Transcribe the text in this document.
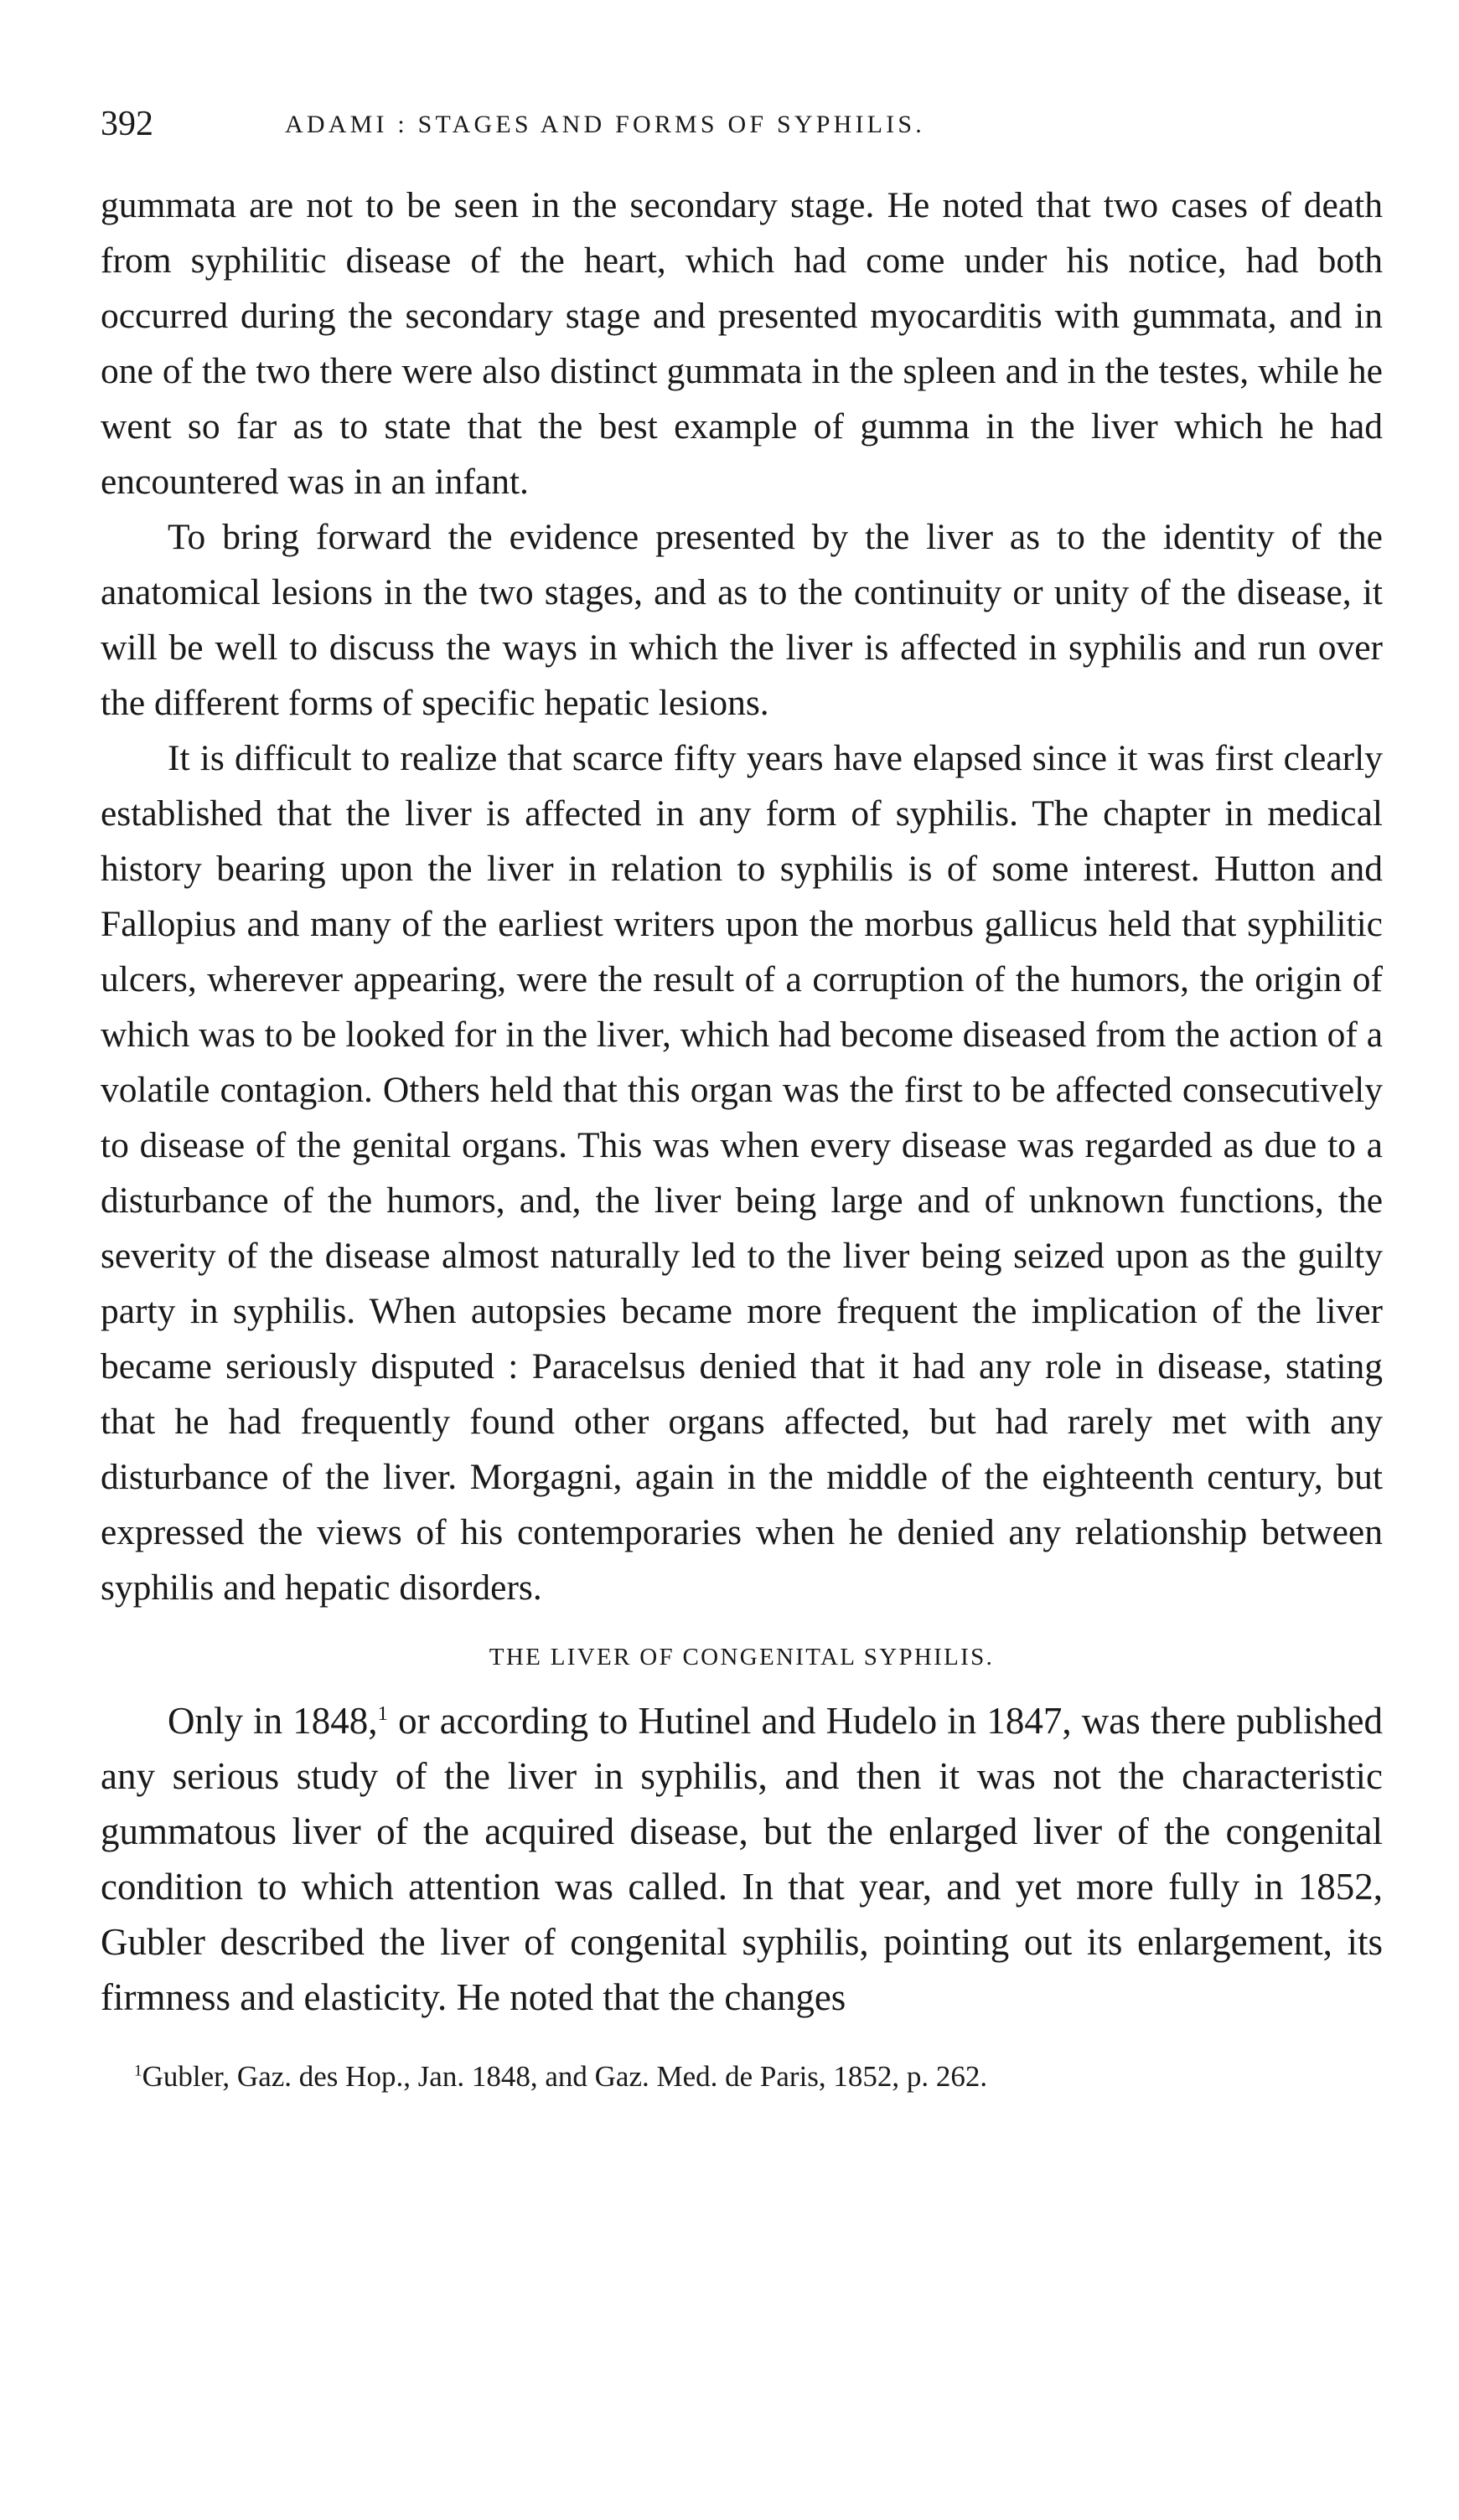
392	ADAMI : STAGES AND FORMS OF SYPHILIS.

gummata are not to be seen in the secondary stage. He noted that two cases of death from syphilitic disease of the heart, which had come under his notice, had both occurred during the secondary stage and presented myocarditis with gummata, and in one of the two there were also distinct gummata in the spleen and in the testes, while he went so far as to state that the best example of gumma in the liver which he had encountered was in an infant.

To bring forward the evidence presented by the liver as to the identity of the anatomical lesions in the two stages, and as to the continuity or unity of the disease, it will be well to discuss the ways in which the liver is affected in syphilis and run over the different forms of specific hepatic lesions.

It is difficult to realize that scarce fifty years have elapsed since it was first clearly established that the liver is affected in any form of syphilis. The chapter in medical history bearing upon the liver in relation to syphilis is of some interest. Hutton and Fallopius and many of the earliest writers upon the morbus gallicus held that syphilitic ulcers, wherever appearing, were the result of a corruption of the humors, the origin of which was to be looked for in the liver, which had become diseased from the action of a volatile contagion. Others held that this organ was the first to be affected consecutively to disease of the genital organs. This was when every disease was regarded as due to a disturbance of the humors, and, the liver being large and of unknown functions, the severity of the disease almost naturally led to the liver being seized upon as the guilty party in syphilis. When autopsies became more frequent the implication of the liver became seriously disputed : Paracelsus denied that it had any role in disease, stating that he had frequently found other organs affected, but had rarely met with any disturbance of the liver. Morgagni, again in the middle of the eighteenth century, but expressed the views of his contemporaries when he denied any relationship between syphilis and hepatic disorders.

THE LIVER OF CONGENITAL SYPHILIS.

Only in 1848,$^1$ or according to Hutinel and Hudelo in 1847, was there published any serious study of the liver in syphilis, and then it was not the characteristic gummatous liver of the acquired disease, but the enlarged liver of the congenital condition to which attention was called. In that year, and yet more fully in 1852, Gubler described the liver of congenital syphilis, pointing out its enlargement, its firmness and elasticity. He noted that the changes

$^1$Gubler, Gaz. des Hop., Jan. 1848, and Gaz. Med. de Paris, 1852, p. 262.
